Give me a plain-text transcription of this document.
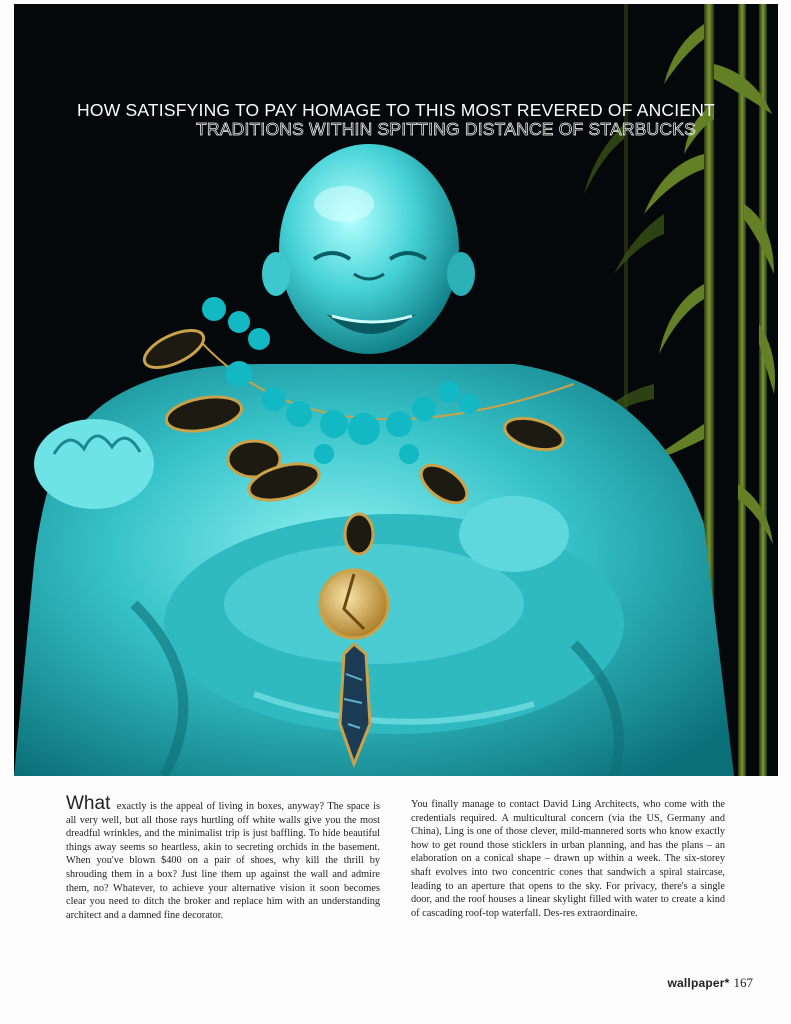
HOW SATISFYING TO PAY HOMAGE TO THIS MOST REVERED OF ANCIENT
TRADITIONS WITHIN SPITTING DISTANCE OF STARBUCKS
What exactly is the appeal of living in boxes, anyway? The space is all very well, but all those rays hurtling off white walls give you the most dreadful wrinkles, and the minimalist trip is just baffling. To hide beautiful things away seems so heartless, akin to secreting orchids in the basement. When you've blown $400 on a pair of shoes, why kill the thrill by shrouding them in a box? Just line them up against the wall and admire them, no? Whatever, to achieve your alternative vision it soon becomes clear you need to ditch the broker and replace him with an understanding architect and a damned fine decorator.
You finally manage to contact David Ling Architects, who come with the credentials required. A multicultural concern (via the US, Germany and China), Ling is one of those clever, mild-mannered sorts who know exactly how to get round those sticklers in urban planning, and has the plans – an elaboration on a conical shape – drawn up within a week. The six-storey shaft evolves into two concentric cones that sandwich a spiral staircase, leading to an aperture that opens to the sky. For privacy, there's a single door, and the roof houses a linear skylight filled with water to create a kind of cascading roof-top waterfall. Des-res extraordinaire.
wallpaper* 167
